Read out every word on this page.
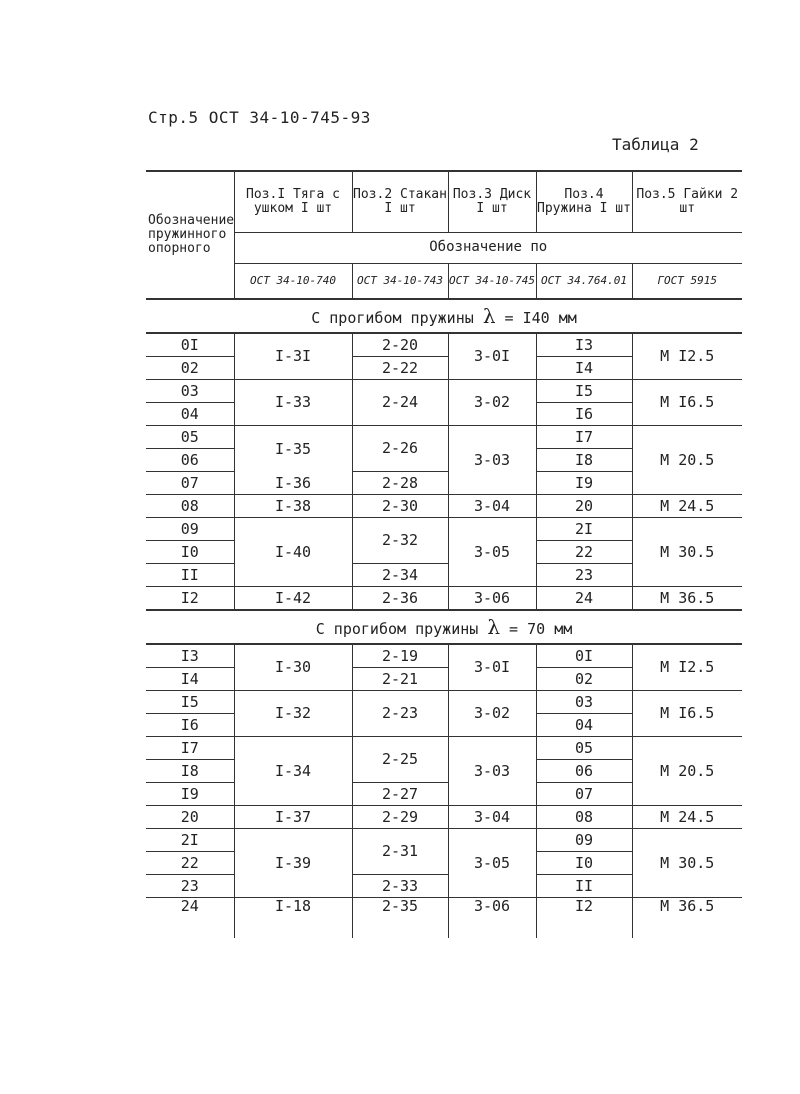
Стр.5 ОСТ 34-10-745-93
Таблица 2
Обозначение пружинного опорного	Поз.I Тяга с ушком I шт	Поз.2 Стакан I шт	Поз.3 Диск I шт	Поз.4 Пружина I шт	Поз.5 Гайки 2 шт
	Обозначение по				
	ОСТ 34-10-740	ОСТ 34-10-743	ОСТ 34-10-745	ОСТ 34.764.01	ГОСТ 5915
С прогибом пружины λ = I40 мм					
0I	I-3I	2-20	3-0I	I3	М I2.5
02		2-22		I4	
03	I-33	2-24	3-02	I5	М I6.5
04				I6	
05	I-35	2-26	3-03	I7	М 20.5
06				I8	
07	I-36	2-28		I9	
08	I-38	2-30	3-04	20	М 24.5
09	I-40	2-32	3-05	2I	М 30.5
I0				22	
II		2-34		23	
I2	I-42	2-36	3-06	24	М 36.5
С прогибом пружины λ = 70 мм					
I3	I-30	2-19	3-0I	0I	М I2.5
I4		2-21		02	
I5	I-32	2-23	3-02	03	М I6.5
I6				04	
I7	I-34	2-25	3-03	05	М 20.5
I8				06	
I9		2-27		07	
20	I-37	2-29	3-04	08	М 24.5
2I	I-39	2-31	3-05	09	М 30.5
22				I0	
23		2-33		II	
24	I-18	2-35	3-06	I2	М 36.5
